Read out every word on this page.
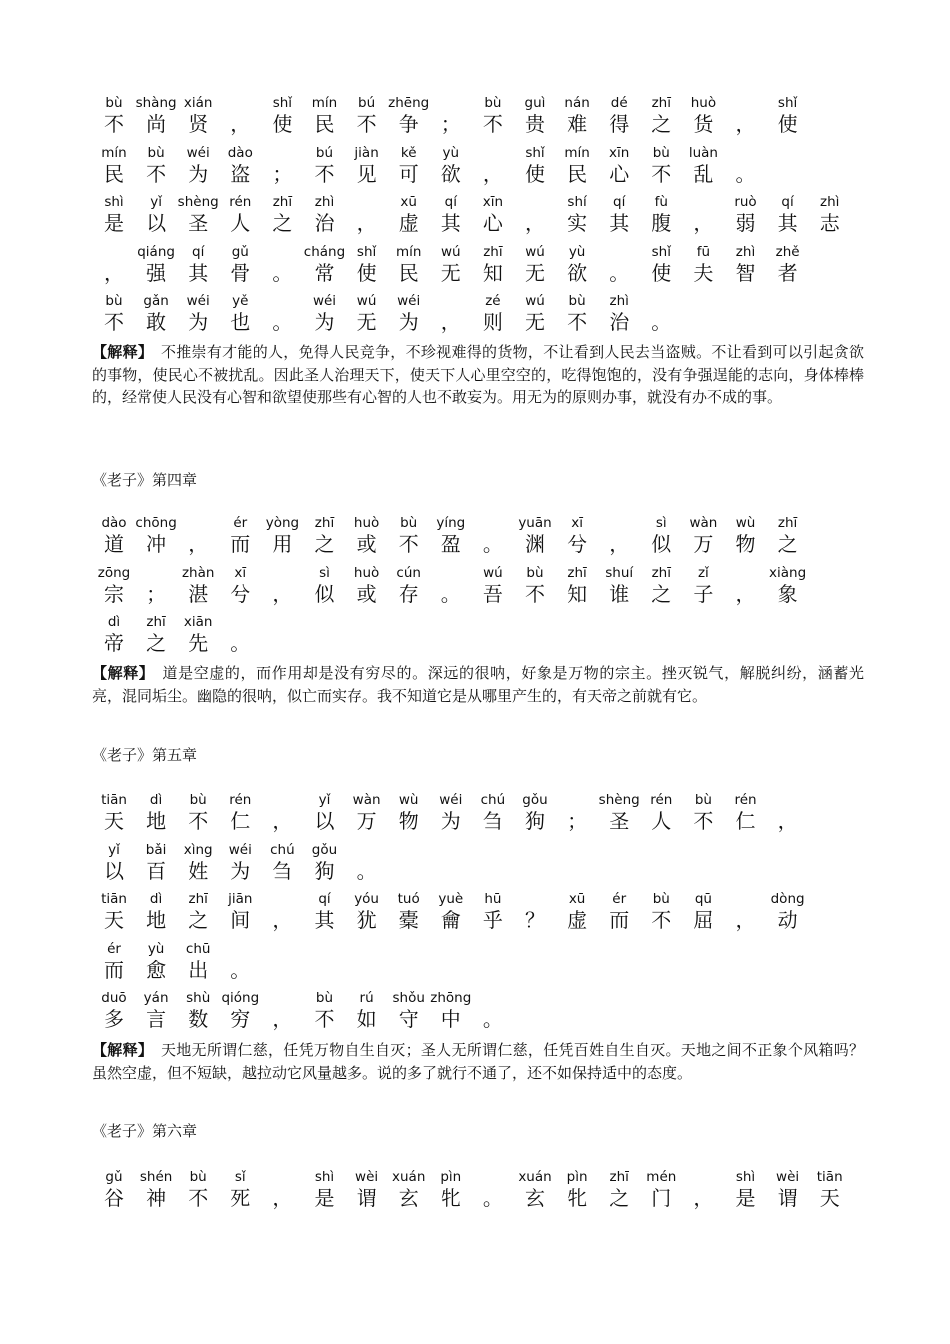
bù
不
shàng
尚
xián
贤 ，
shǐ
使
mín
民
bú
不
zhēng
争 ；
bù
不
guì
贵
nán
难
dé
得
zhī
之
huò
货 ，
shǐ
使
mín
民
bù
不
wéi
为
dào
盗 ；
bú
不
jiàn
见
kě
可
yù
欲 ，
shǐ
使
mín
民
xīn
心
bù
不
luàn
乱 。
shì
是
yǐ
以
shèng
圣
rén
人
zhī
之
zhì
治 ，
xū
虚
qí
其
xīn
心 ，
shí
实
qí
其
fù
腹 ，
ruò
弱
qí
其
zhì
志
，
qiáng
强
qí
其
gǔ
骨 。
cháng
常
shǐ
使
mín
民
wú
无
zhī
知
wú
无
yù
欲 。
shǐ
使
fū
夫
zhì
智
zhě
者
bù
不
gǎn
敢
wéi
为
yě
也 。
wéi
为
wú
无
wéi
为 ，
zé
则
wú
无
bù
不
zhì
治 。
【解释】　 不推崇有才能的人，免得人民竞争，不珍视难得的货物，不让看到人民去当盗贼。不让看到可以引起贪欲的事物，使民心不被扰乱。因此圣人治理天下，使天下人心里空空的，吃得饱饱的，没有争强逞能的志向，身体棒棒的，经常使人民没有心智和欲望使那些有心智的人也不敢妄为。用无为的原则办事，就没有办不成的事。
《老子》第四章
dào
道
chōng
冲 ，
ér
而
yòng
用
zhī
之
huò
或
bù
不
yíng
盈 。
yuān
渊
xī
兮 ，
sì
似
wàn
万
wù
物
zhī
之
zōng
宗 ；
zhàn
湛
xī
兮 ，
sì
似
huò
或
cún
存 。
wú
吾
bù
不
zhī
知
shuí
谁
zhī
之
zǐ
子 ，
xiàng
象
dì
帝
zhī
之
xiān
先 。
【解释】　 道是空虚的，而作用却是没有穷尽的。深远的很呐，好象是万物的宗主。挫灭锐气，解脱纠纷，涵蓄光亮，混同垢尘。幽隐的很呐，似亡而实存。我不知道它是从哪里产生的，有天帝之前就有它。
《老子》第五章
tiān
天
dì
地
bù
不
rén
仁 ，
yǐ
以
wàn
万
wù
物
wéi
为
chú
刍
gǒu
狗 ；
shèng
圣
rén
人
bù
不
rén
仁 ，
yǐ
以
bǎi
百
xìng
姓
wéi
为
chú
刍
gǒu
狗 。
tiān
天
dì
地
zhī
之
jiān
间 ，
qí
其
yóu
犹
tuó
橐
yuè
龠
hū
乎 ？
xū
虚
ér
而
bù
不
qū
屈 ，
dòng
动
ér
而
yù
愈
chū
出 。
duō
多
yán
言
shù
数
qióng
穷 ，
bù
不
rú
如
shǒu
守
zhōng
中 。
【解释】　 天地无所谓仁慈，任凭万物自生自灭；圣人无所谓仁慈，任凭百姓自生自灭。天地之间不正象个风箱吗？虽然空虚，但不短缺，越拉动它风量越多。说的多了就行不通了，还不如保持适中的态度。
《老子》第六章
gǔ
谷
shén
神
bù
不
sǐ
死 ，
shì
是
wèi
谓
xuán
玄
pìn
牝 。
xuán
玄
pìn
牝
zhī
之
mén
门 ，
shì
是
wèi
谓
tiān
天
